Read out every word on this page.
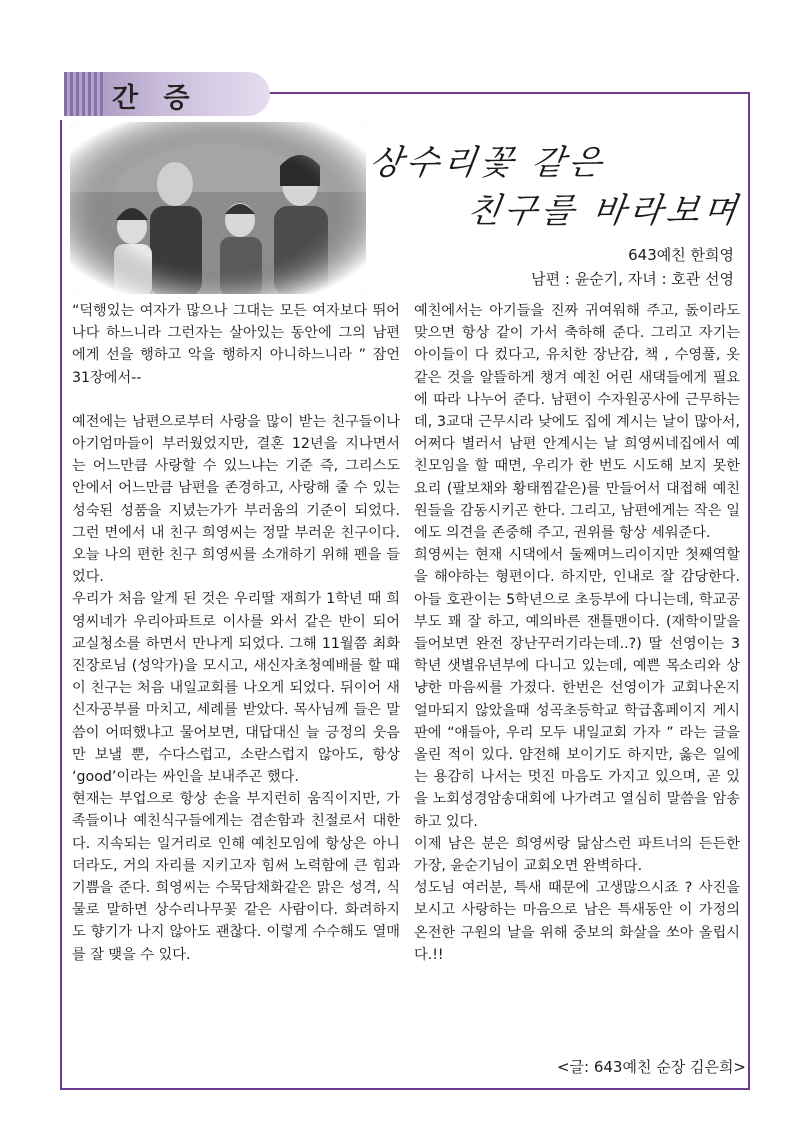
간 증
상수리꽃 같은
친구를 바라보며
643예친 한희영
남편 : 윤순기, 자녀 : 호관 선영

“덕행있는 여자가 많으나 그대는 모든 여자보다 뛰어나다 하느니라 그런자는 살아있는 동안에 그의 남편에게 선을 행하고 악을 행하지 아니하느니라 ” 잠언 31장에서--

예전에는 남편으로부터 사랑을 많이 받는 친구들이나 아기엄마들이 부러웠었지만, 결혼 12년을 지나면서는 어느만큼 사랑할 수 있느냐는 기준 즉, 그리스도 안에서 어느만큼 남편을 존경하고, 사랑해 줄 수 있는 성숙된 성품을 지녔는가가 부러움의 기준이 되었다. 그런 면에서 내 친구 희영씨는 정말 부러운 친구이다. 오늘 나의 편한 친구 희영씨를 소개하기 위해 펜을 들었다.

우리가 처음 알게 된 것은 우리딸 재희가 1학년 때 희영씨네가 우리아파트로 이사를 와서 같은 반이 되어 교실청소를 하면서 만나게 되었다. 그해 11월쯤 최화진장로님 (성악가)을 모시고, 새신자초청예배를 할 때 이 친구는 처음 내일교회를 나오게 되었다. 뒤이어 새신자공부를 마치고, 세례를 받았다. 목사님께 들은 말씀이 어떠했냐고 물어보면, 대답대신 늘 긍정의 웃음만 보낼 뿐, 수다스럽고, 소란스럽지 않아도, 항상 ‘good’이라는 싸인을 보내주곤 했다.

현재는 부업으로 항상 손을 부지런히 움직이지만, 가족들이나 예친식구들에게는 겸손함과 친절로서 대한다. 지속되는 일거리로 인해 예친모임에 항상은 아니더라도, 거의 자리를 지키고자 힘써 노력함에 큰 힘과 기쁨을 준다. 희영씨는 수묵담채화같은 맑은 성격, 식물로 말하면 상수리나무꽃 같은 사람이다. 화려하지도 향기가 나지 않아도 괜찮다. 이렇게 수수해도 열매를 잘 맺을 수 있다.

예친에서는 아기들을 진짜 귀여워해 주고, 돐이라도 맞으면 항상 같이 가서 축하해 준다. 그리고 자기는 아이들이 다 컸다고, 유치한 장난감, 책 , 수영풀, 옷 같은 것을 알뜰하게 챙겨 예친 어린 새댁들에게 필요에 따라 나누어 준다. 남편이 수자원공사에 근무하는데, 3교대 근무시라 낮에도 집에 계시는 날이 많아서, 어쩌다 별러서 남편 안계시는 날 희영씨네집에서 예친모임을 할 때면, 우리가 한 번도 시도해 보지 못한 요리 (팔보채와 황태찜같은)를 만들어서 대접해 예친원들을 감동시키곤 한다. 그리고, 남편에게는 작은 일에도 의견을 존중해 주고, 권위를 항상 세워준다.

희영씨는 현재 시댁에서 둘째며느리이지만 첫째역할을 해야하는 형편이다. 하지만, 인내로 잘 감당한다. 아들 호관이는 5학년으로 초등부에 다니는데, 학교공부도 꽤 잘 하고, 예의바른 잰틀맨이다. (재학이말을 들어보면 완전 장난꾸러기라는데..?) 딸 선영이는 3학년 샛별유년부에 다니고 있는데, 예쁜 목소리와 상냥한 마음씨를 가졌다. 한번은 선영이가 교회나온지 얼마되지 않았을때 성곡초등학교 학급홈페이지 게시판에 “얘들아, 우리 모두 내일교회 가자 ” 라는 글을 올린 적이 있다. 얌전해 보이기도 하지만, 옳은 일에는 용감히 나서는 멋진 마음도 가지고 있으며, 곧 있을 노회성경암송대회에 나가려고 열심히 말씀을 암송하고 있다.

이제 남은 분은 희영씨랑 닮삼스런 파트너의 든든한 가장, 윤순기님이 교회오면 완벽하다.

성도님 여러분, 특새 때문에 고생많으시죠 ? 사진을 보시고 사랑하는 마음으로 남은 특새동안 이 가정의 온전한 구원의 날을 위해 중보의 화살을 쏘아 올립시다.!!

<글: 643예친 순장 김은희>
